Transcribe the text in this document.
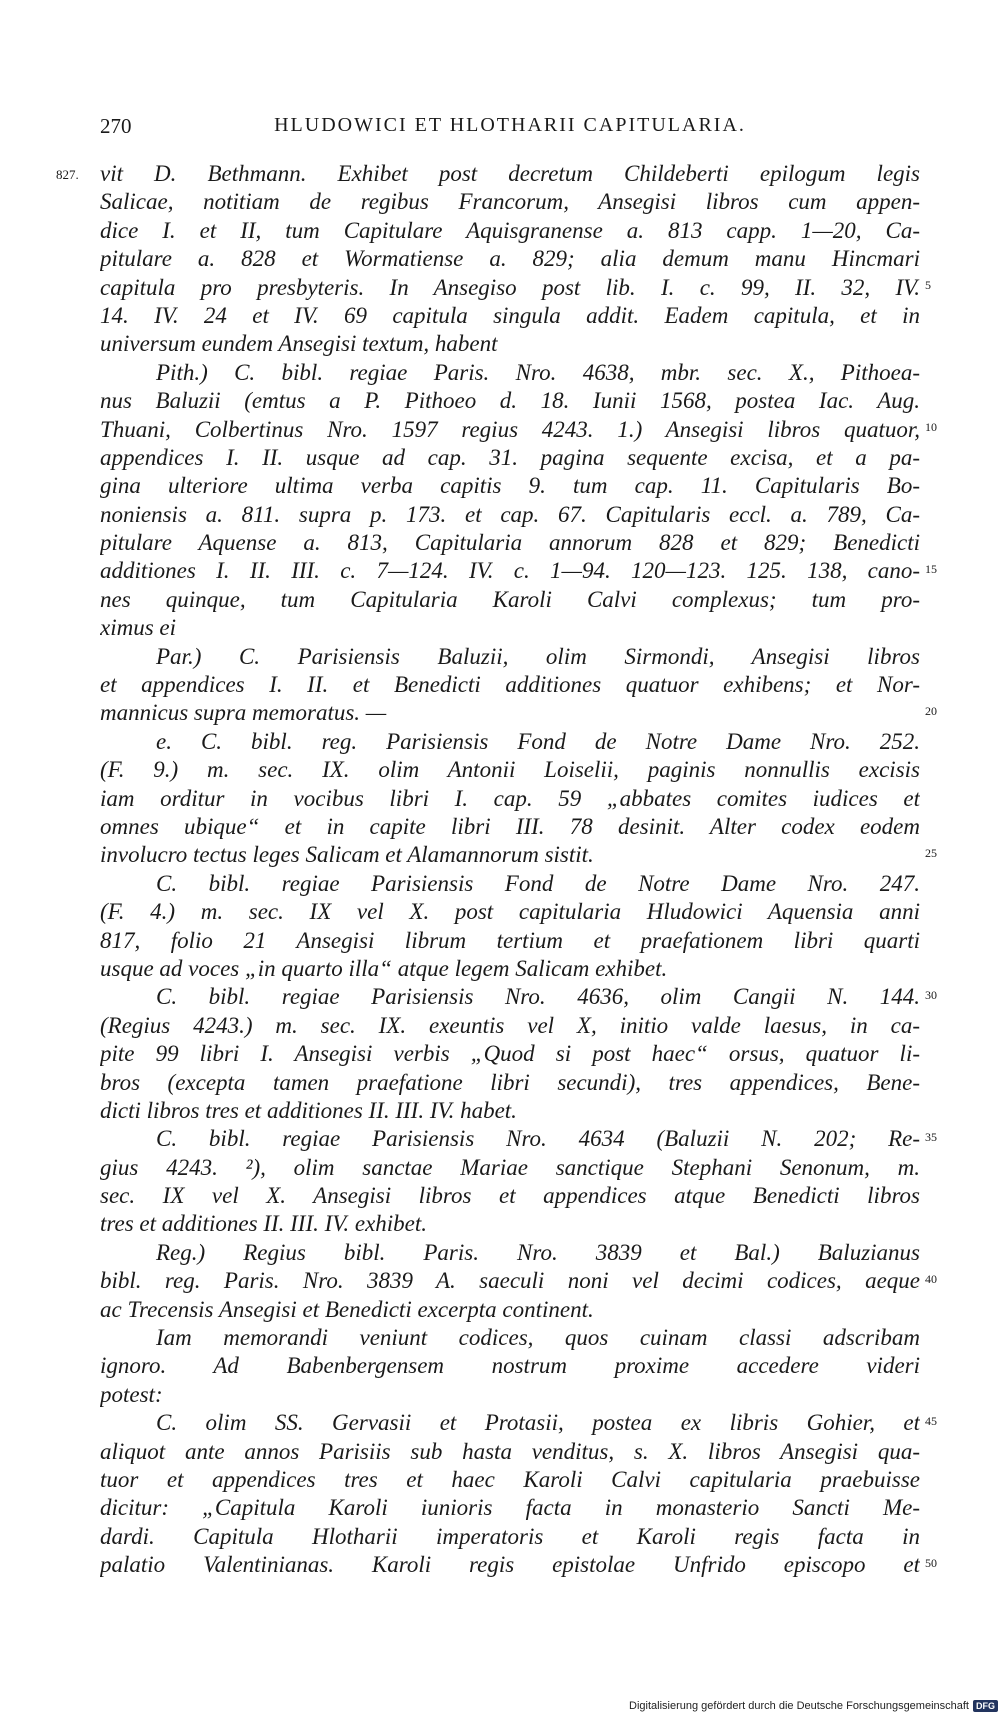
270	HLUDOWICI ET HLOTHARII CAPITULARIA.
827. vit D. Bethmann. Exhibet post decretum Childeberti epilogum legis
Salicae, notitiam de regibus Francorum, Ansegisi libros cum appen-
dice I. et II, tum Capitulare Aquisgranense a. 813 capp. 1—20, Ca-
pitulare a. 828 et Wormatiense a. 829; alia demum manu Hincmari
capitula pro presbyteris. In Ansegiso post lib. I. c. 99, II. 32, IV.
14. IV. 24 et IV. 69 capitula singula addit. Eadem capitula, et in
universum eundem Ansegisi textum, habent
Pith.) C. bibl. regiae Paris. Nro. 4638, mbr. sec. X., Pithoea-
nus Baluzii (emtus a P. Pithoeo d. 18. Iunii 1568, postea Iac. Aug.
Thuani, Colbertinus Nro. 1597 regius 4243. 1.) Ansegisi libros quatuor,
appendices I. II. usque ad cap. 31. pagina sequente excisa, et a pa-
gina ulteriore ultima verba capitis 9. tum cap. 11. Capitularis Bo-
noniensis a. 811. supra p. 173. et cap. 67. Capitularis eccl. a. 789, Ca-
pitulare Aquense a. 813, Capitularia annorum 828 et 829; Benedicti
additiones I. II. III. c. 7—124. IV. c. 1—94. 120—123. 125. 138, cano-
nes quinque, tum Capitularia Karoli Calvi complexus; tum pro-
ximus ei
Par.) C. Parisiensis Baluzii, olim Sirmondi, Ansegisi libros
et appendices I. II. et Benedicti additiones quatuor exhibens; et Nor-
mannicus supra memoratus. —
e. C. bibl. reg. Parisiensis Fond de Notre Dame Nro. 252.
(F. 9.) m. sec. IX. olim Antonii Loiselii, paginis nonnullis excisis
iam orditur in vocibus libri I. cap. 59 „abbates comites iudices et
omnes ubique“ et in capite libri III. 78 desinit. Alter codex eodem
involucro tectus leges Salicam et Alamannorum sistit.
C. bibl. regiae Parisiensis Fond de Notre Dame Nro. 247.
(F. 4.) m. sec. IX vel X. post capitularia Hludowici Aquensia anni
817, folio 21 Ansegisi librum tertium et praefationem libri quarti
usque ad voces „in quarto illa“ atque legem Salicam exhibet.
C. bibl. regiae Parisiensis Nro. 4636, olim Cangii N. 144.
(Regius 4243.) m. sec. IX. exeuntis vel X, initio valde laesus, in ca-
pite 99 libri I. Ansegisi verbis „Quod si post haec“ orsus, quatuor li-
bros (excepta tamen praefatione libri secundi), tres appendices, Bene-
dicti libros tres et additiones II. III. IV. habet.
C. bibl. regiae Parisiensis Nro. 4634 (Baluzii N. 202; Re-
gius 4243. ²), olim sanctae Mariae sanctique Stephani Senonum, m.
sec. IX vel X. Ansegisi libros et appendices atque Benedicti libros
tres et additiones II. III. IV. exhibet.
Reg.) Regius bibl. Paris. Nro. 3839 et Bal.) Baluzianus
bibl. reg. Paris. Nro. 3839 A. saeculi noni vel decimi codices, aeque
ac Trecensis Ansegisi et Benedicti excerpta continent.
Iam memorandi veniunt codices, quos cuinam classi adscribam
ignoro. Ad Babenbergensem nostrum proxime accedere videri
potest:
C. olim SS. Gervasii et Protasii, postea ex libris Gohier, et
aliquot ante annos Parisiis sub hasta venditus, s. X. libros Ansegisi qua-
tuor et appendices tres et haec Karoli Calvi capitularia praebuisse
dicitur: „Capitula Karoli iunioris facta in monasterio Sancti Me-
dardi. Capitula Hlotharii imperatoris et Karoli regis facta in
palatio Valentinianas. Karoli regis epistolae Unfrido episcopo et
5
10
15
20
25
30
35
40
45
50
Digitalisierung gefördert durch die Deutsche Forschungsgemeinschaft DFG
